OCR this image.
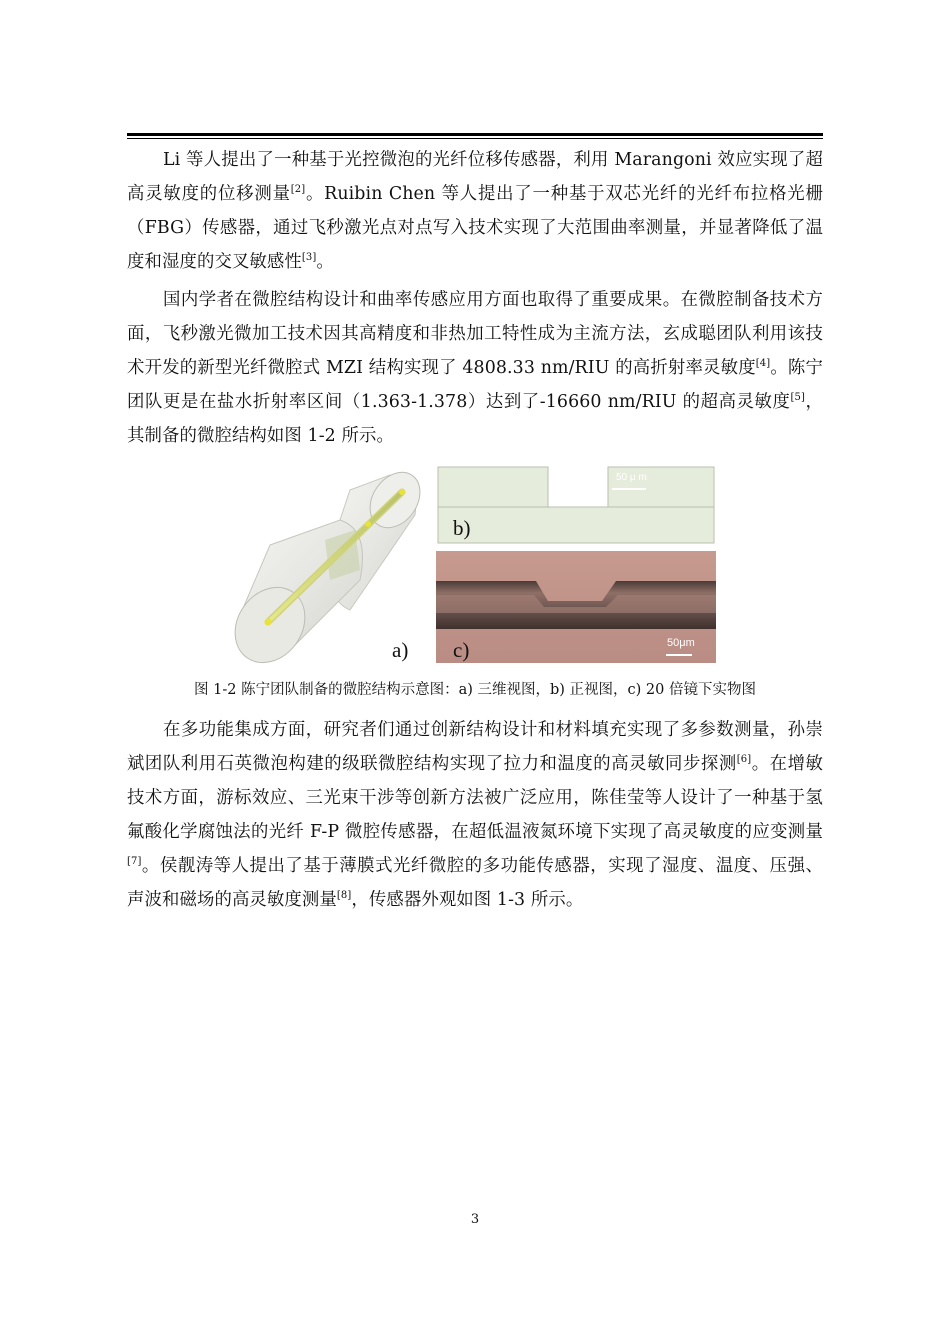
Li 等人提出了一种基于光控微泡的光纤位移传感器，利用 Marangoni 效应实现了超高灵敏度的位移测量[2]。Ruibin Chen 等人提出了一种基于双芯光纤的光纤布拉格光栅（FBG）传感器，通过飞秒激光点对点写入技术实现了大范围曲率测量，并显著降低了温度和湿度的交叉敏感性[3]。

国内学者在微腔结构设计和曲率传感应用方面也取得了重要成果。在微腔制备技术方面，飞秒激光微加工技术因其高精度和非热加工特性成为主流方法，玄成聪团队利用该技术开发的新型光纤微腔式 MZI 结构实现了 4808.33 nm/RIU 的高折射率灵敏度[4]。陈宁团队更是在盐水折射率区间（1.363-1.378）达到了-16660 nm/RIU 的超高灵敏度[5]，其制备的微腔结构如图 1-2 所示。

a)
50 μ m
b)
50μm
c)
图 1-2 陈宁团队制备的微腔结构示意图：a) 三维视图，b) 正视图，c) 20 倍镜下实物图

在多功能集成方面，研究者们通过创新结构设计和材料填充实现了多参数测量，孙崇斌团队利用石英微泡构建的级联微腔结构实现了拉力和温度的高灵敏同步探测[6]。在增敏技术方面，游标效应、三光束干涉等创新方法被广泛应用，陈佳莹等人设计了一种基于氢氟酸化学腐蚀法的光纤 F-P 微腔传感器，在超低温液氮环境下实现了高灵敏度的应变测量[7]。侯靓涛等人提出了基于薄膜式光纤微腔的多功能传感器，实现了湿度、温度、压强、声波和磁场的高灵敏度测量[8]，传感器外观如图 1-3 所示。

3
